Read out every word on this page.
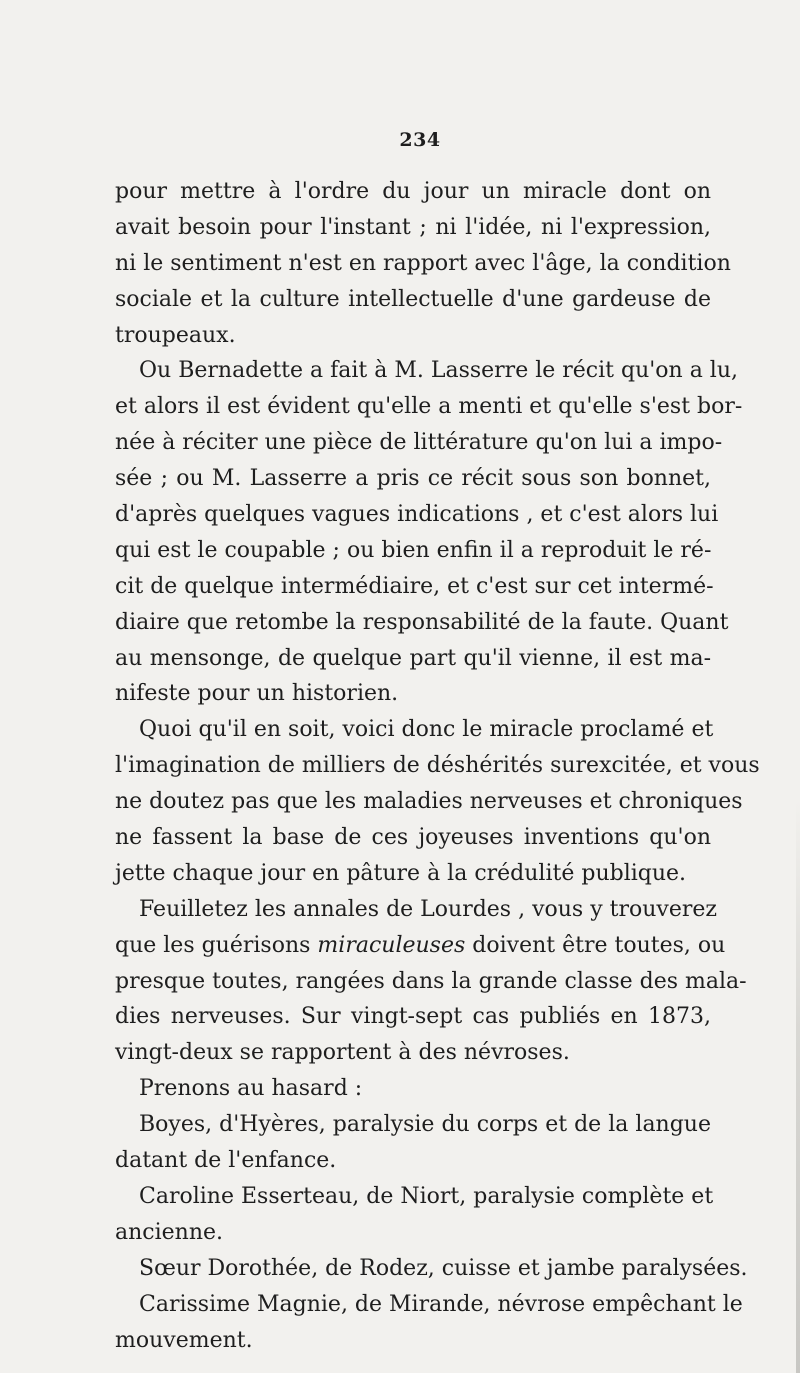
234
pour mettre à l'ordre du jour un miracle dont on
avait besoin pour l'instant ; ni l'idée, ni l'expression,
ni le sentiment n'est en rapport avec l'âge, la condition
sociale et la culture intellectuelle d'une gardeuse de
troupeaux.
Ou Bernadette a fait à M. Lasserre le récit qu'on a lu,
et alors il est évident qu'elle a menti et qu'elle s'est bor-
née à réciter une pièce de littérature qu'on lui a impo-
sée ; ou M. Lasserre a pris ce récit sous son bonnet,
d'après quelques vagues indications , et c'est alors lui
qui est le coupable ; ou bien enfin il a reproduit le ré-
cit de quelque intermédiaire, et c'est sur cet intermé-
diaire que retombe la responsabilité de la faute. Quant
au mensonge, de quelque part qu'il vienne, il est ma-
nifeste pour un historien.
Quoi qu'il en soit, voici donc le miracle proclamé et
l'imagination de milliers de déshérités surexcitée, et vous
ne doutez pas que les maladies nerveuses et chroniques
ne fassent la base de ces joyeuses inventions qu'on
jette chaque jour en pâture à la crédulité publique.
Feuilletez les annales de Lourdes , vous y trouverez
que les guérisons miraculeuses doivent être toutes, ou
presque toutes, rangées dans la grande classe des mala-
dies nerveuses. Sur vingt-sept cas publiés en 1873,
vingt-deux se rapportent à des névroses.
Prenons au hasard :
Boyes, d'Hyères, paralysie du corps et de la langue
datant de l'enfance.
Caroline Esserteau, de Niort, paralysie complète et
ancienne.
Sœur Dorothée, de Rodez, cuisse et jambe paralysées.
Carissime Magnie, de Mirande, névrose empêchant le
mouvement.
